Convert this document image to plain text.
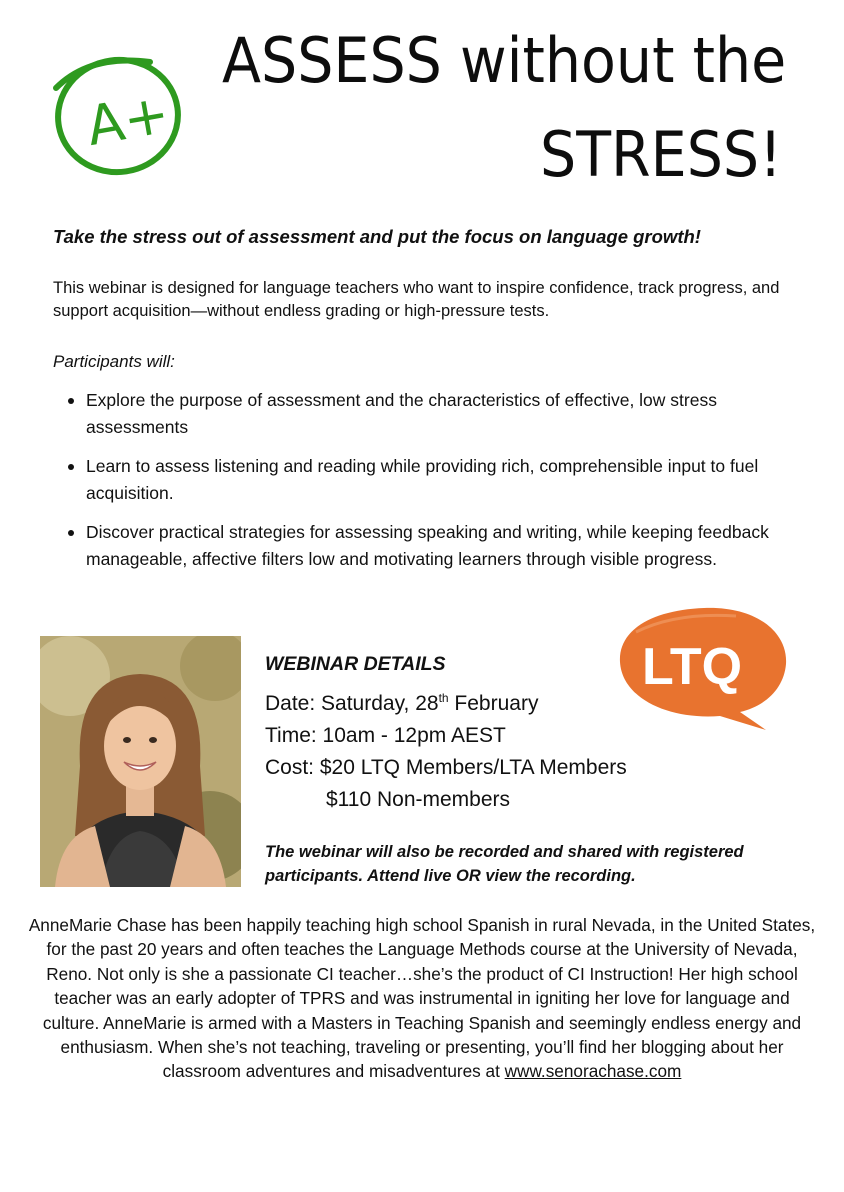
A+
ASSESS without the
STRESS!
Take the stress out of assessment and put the focus on language growth!

This webinar is designed for language teachers who want to inspire confidence, track progress, and support acquisition—without endless grading or high-pressure tests.

Participants will:
Explore the purpose of assessment and the characteristics of effective, low stress assessments
Learn to assess listening and reading while providing rich, comprehensible input to fuel acquisition.
Discover practical strategies for assessing speaking and writing, while keeping feedback manageable, affective filters low and motivating learners through visible progress.
WEBINAR DETAILS
Date: Saturday, 28th February
Time: 10am - 12pm AEST
Cost: $20 LTQ Members/LTA Members
$110 Non-members
LTQ
The webinar will also be recorded and shared with registered participants. Attend live OR view the recording.

AnneMarie Chase has been happily teaching high school Spanish in rural Nevada, in the United States, for the past 20 years and often teaches the Language Methods course at the University of Nevada, Reno. Not only is she a passionate CI teacher…she’s the product of CI Instruction! Her high school teacher was an early adopter of TPRS and was instrumental in igniting her love for language and culture. AnneMarie is armed with a Masters in Teaching Spanish and seemingly endless energy and enthusiasm. When she’s not teaching, traveling or presenting, you’ll find her blogging about her classroom adventures and misadventures at www.senorachase.com
